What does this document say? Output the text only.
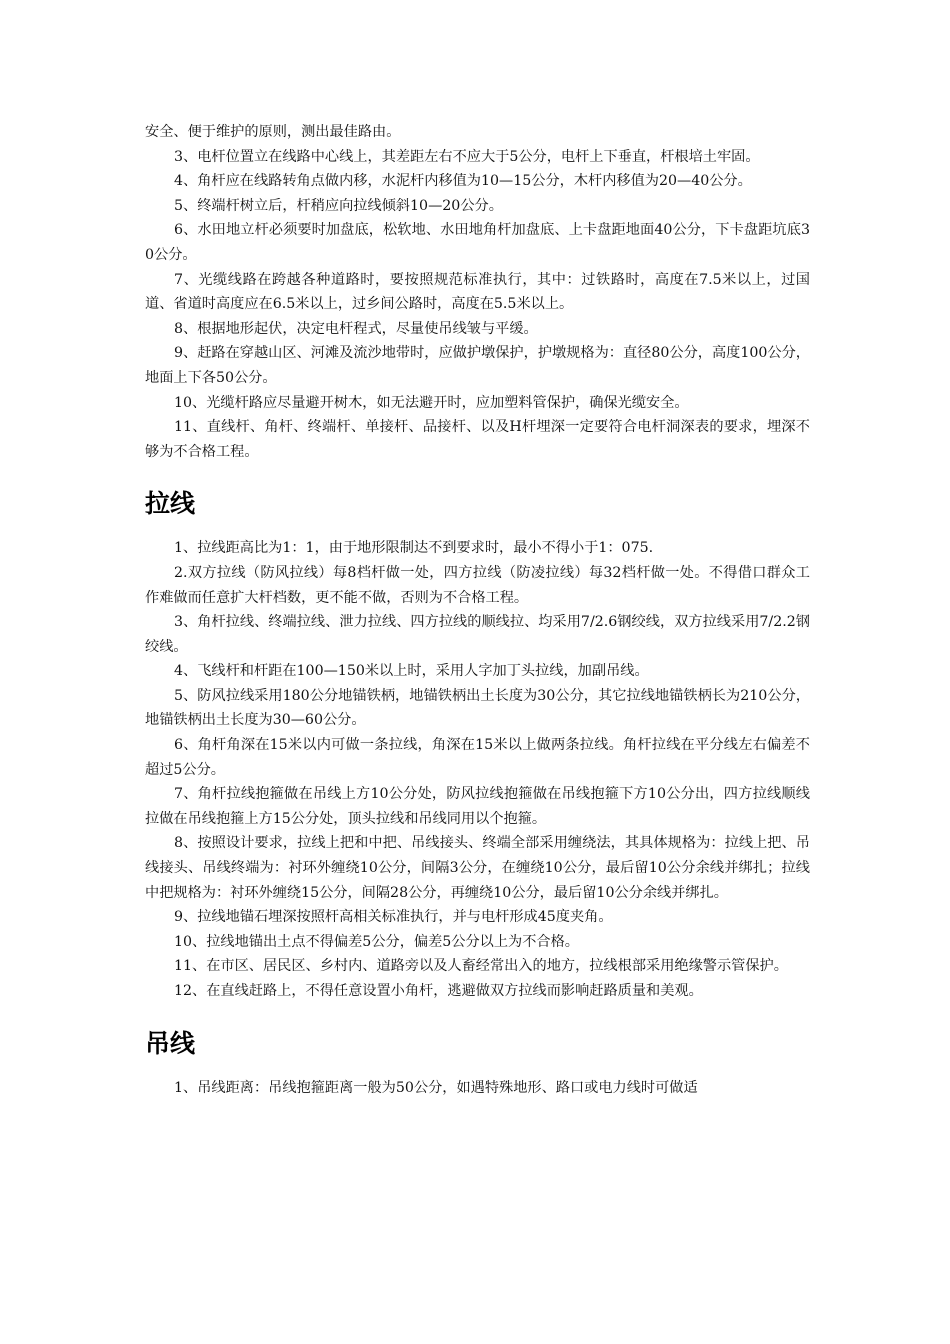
安全、便于维护的原则，测出最佳路由。

3、电杆位置立在线路中心线上，其差距左右不应大于5公分，电杆上下垂直，杆根培土牢固。

4、角杆应在线路转角点做内移，水泥杆内移值为10—15公分，木杆内移值为20—40公分。

5、终端杆树立后，杆稍应向拉线倾斜10—20公分。

6、水田地立杆必须要时加盘底，松软地、水田地角杆加盘底、上卡盘距地面40公分，下卡盘距坑底30公分。

7、光缆线路在跨越各种道路时，要按照规范标准执行，其中：过铁路时，高度在7.5米以上，过国道、省道时高度应在6.5米以上，过乡间公路时，高度在5.5米以上。

8、根据地形起伏，决定电杆程式，尽量使吊线皱与平缓。

9、赶路在穿越山区、河滩及流沙地带时，应做护墩保护，护墩规格为：直径80公分，高度100公分，地面上下各50公分。

10、光缆杆路应尽量避开树木，如无法避开时，应加塑料管保护，确保光缆安全。

11、直线杆、角杆、终端杆、单接杆、品接杆、以及H杆埋深一定要符合电杆洞深表的要求，埋深不够为不合格工程。

拉线

1、拉线距高比为1：1，由于地形限制达不到要求时，最小不得小于1：075.

2.双方拉线（防风拉线）每8档杆做一处，四方拉线（防凌拉线）每32档杆做一处。不得借口群众工作难做而任意扩大杆档数，更不能不做，否则为不合格工程。

3、角杆拉线、终端拉线、泄力拉线、四方拉线的顺线拉、均采用7/2.6钢绞线，双方拉线采用7/2.2钢绞线。

4、飞线杆和杆距在100—150米以上时，采用人字加丁头拉线，加副吊线。

5、防风拉线采用180公分地锚铁柄，地锚铁柄出土长度为30公分，其它拉线地锚铁柄长为210公分，地锚铁柄出土长度为30—60公分。

6、角杆角深在15米以内可做一条拉线，角深在15米以上做两条拉线。角杆拉线在平分线左右偏差不超过5公分。

7、角杆拉线抱箍做在吊线上方10公分处，防风拉线抱箍做在吊线抱箍下方10公分出，四方拉线顺线拉做在吊线抱箍上方15公分处，顶头拉线和吊线同用以个抱箍。

8、按照设计要求，拉线上把和中把、吊线接头、终端全部采用缠绕法，其具体规格为：拉线上把、吊线接头、吊线终端为：衬环外缠绕10公分，间隔3公分，在缠绕10公分，最后留10公分余线并绑扎；拉线中把规格为：衬环外缠绕15公分，间隔28公分，再缠绕10公分，最后留10公分余线并绑扎。

9、拉线地锚石埋深按照杆高相关标准执行，并与电杆形成45度夹角。

10、拉线地锚出土点不得偏差5公分，偏差5公分以上为不合格。

11、在市区、居民区、乡村内、道路旁以及人畜经常出入的地方，拉线根部采用绝缘警示管保护。

12、在直线赶路上，不得任意设置小角杆，逃避做双方拉线而影响赶路质量和美观。

吊线

1、吊线距离：吊线抱箍距离一般为50公分，如遇特殊地形、路口或电力线时可做适
